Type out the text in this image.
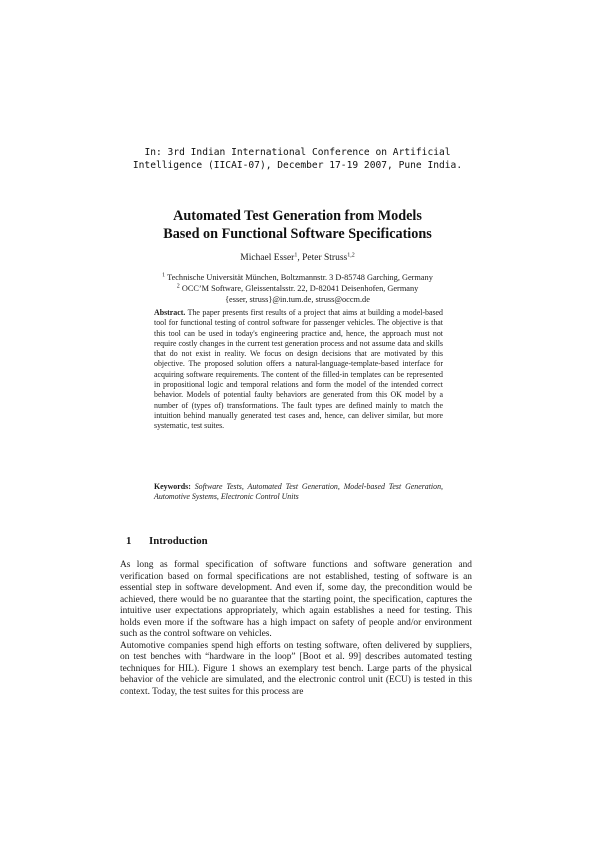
In: 3rd Indian International Conference on Artificial
Intelligence (IICAI-07), December 17-19 2007, Pune India.
Automated Test Generation from Models
Based on Functional Software Specifications
Michael Esser$^1$, Peter Struss$^{1,2}$
$^1$ Technische Universität München, Boltzmannstr. 3 D-85748 Garching, Germany
$^2$ OCC’M Software, Gleissentalsstr. 22, D-82041 Deisenhofen, Germany
{esser, struss}@in.tum.de, struss@occm.de
Abstract. The paper presents first results of a project that aims at building a model-based tool for functional testing of control software for passenger vehicles. The objective is that this tool can be used in today's engineering practice and, hence, the approach must not require costly changes in the current test generation process and not assume data and skills that do not exist in reality. We focus on design decisions that are motivated by this objective. The proposed solution offers a natural-language-template-based interface for acquiring software requirements. The content of the filled-in templates can be represented in propositional logic and temporal relations and form the model of the intended correct behavior. Models of potential faulty behaviors are generated from this OK model by a number of (types of) transformations. The fault types are defined mainly to match the intuition behind manually generated test cases and, hence, can deliver similar, but more systematic, test suites.
Keywords: Software Tests, Automated Test Generation, Model-based Test Generation, Automotive Systems, Electronic Control Units
1 Introduction

As long as formal specification of software functions and software generation and verification based on formal specifications are not established, testing of software is an essential step in software development. And even if, some day, the precondition would be achieved, there would be no guarantee that the starting point, the specification, captures the intuitive user expectations appropriately, which again establishes a need for testing. This holds even more if the software has a high impact on safety of people and/or environment such as the control software on vehicles.

Automotive companies spend high efforts on testing software, often delivered by suppliers, on test benches with “hardware in the loop” [Boot et al. 99] describes automated testing techniques for HIL). Figure 1 shows an exemplary test bench. Large parts of the physical behavior of the vehicle are simulated, and the electronic control unit (ECU) is tested in this context. Today, the test suites for this process are
